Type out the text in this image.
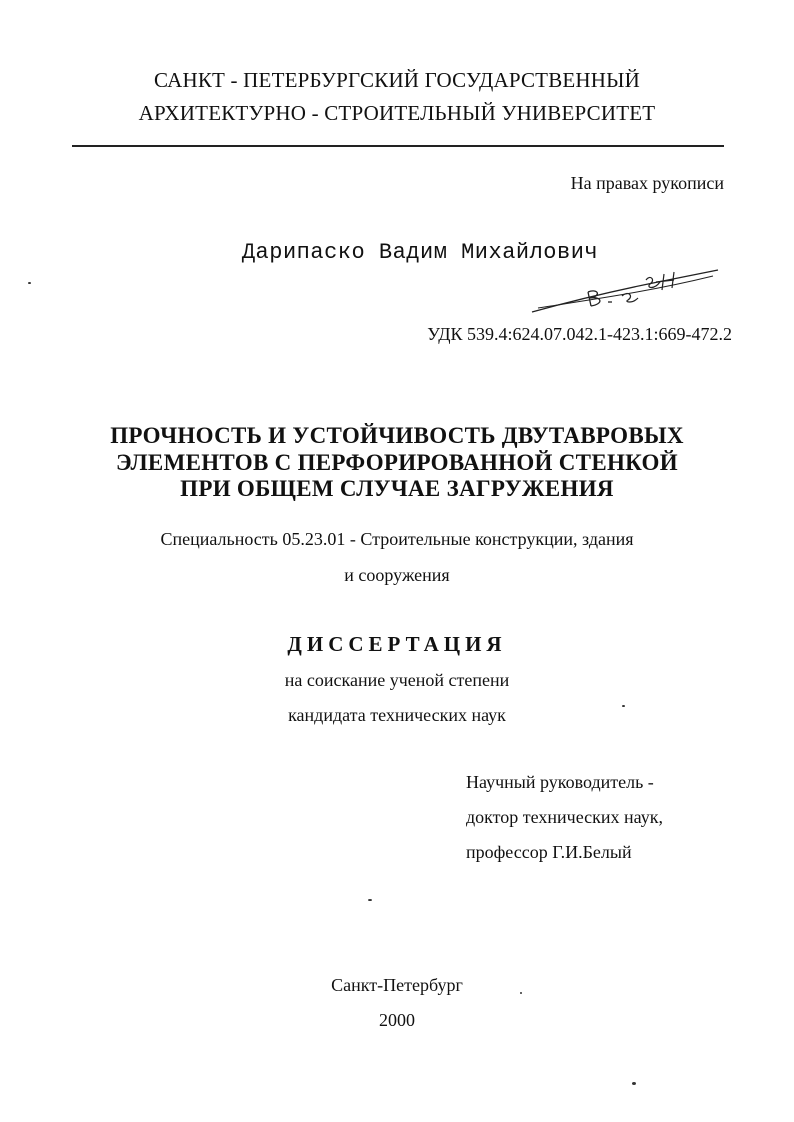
САНКТ - ПЕТЕРБУРГСКИЙ ГОСУДАРСТВЕННЫЙ
АРХИТЕКТУРНО - СТРОИТЕЛЬНЫЙ УНИВЕРСИТЕТ
На правах рукописи
Дарипаско Вадим Михайлович
УДК 539.4:624.07.042.1-423.1:669-472.2
ПРОЧНОСТЬ И УСТОЙЧИВОСТЬ ДВУТАВРОВЫХ
ЭЛЕМЕНТОВ С ПЕРФОРИРОВАННОЙ СТЕНКОЙ
ПРИ ОБЩЕМ СЛУЧАЕ ЗАГРУЖЕНИЯ
Специальность 05.23.01 - Строительные конструкции, здания
и сооружения
ДИССЕРТАЦИЯ
на соискание ученой степени
кандидата технических наук
Научный руководитель -
доктор технических наук,
профессор Г.И.Белый
Санкт-Петербург
2000
